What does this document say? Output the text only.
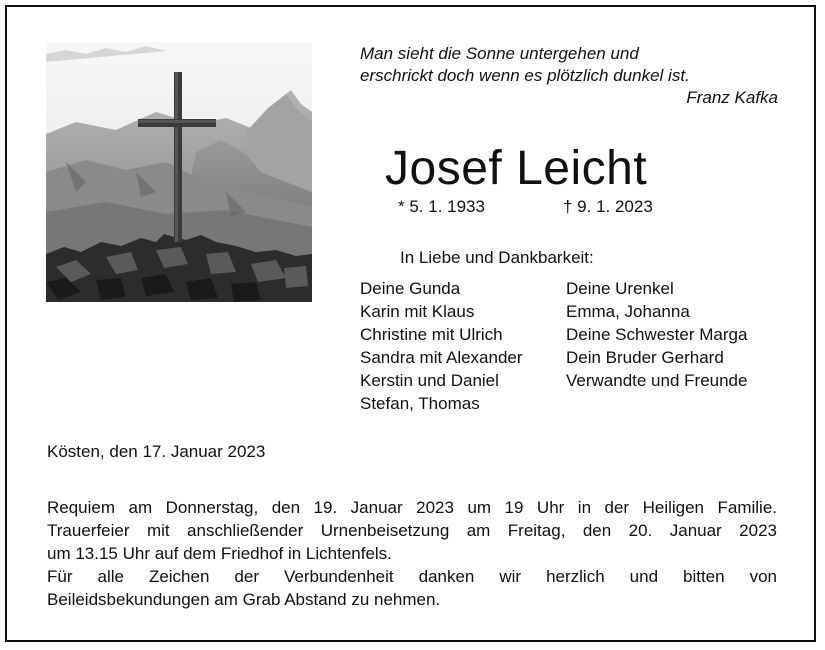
Man sieht die Sonne untergehen und
erschrickt doch wenn es plötzlich dunkel ist.
Franz Kafka
Josef Leicht
* 5. 1. 1933	† 9. 1. 2023
In Liebe und Dankbarkeit:
Deine Gunda
Karin mit Klaus
Christine mit Ulrich
Sandra mit Alexander
Kerstin und Daniel
Stefan, Thomas
Deine Urenkel
Emma, Johanna
Deine Schwester Marga
Dein Bruder Gerhard
Verwandte und Freunde
Kösten, den 17. Januar 2023
Requiem am Donnerstag, den 19. Januar 2023 um 19 Uhr in der Heiligen Familie.
Trauerfeier mit anschließender Urnenbeisetzung am Freitag, den 20. Januar 2023
um 13.15 Uhr auf dem Friedhof in Lichtenfels.
Für alle Zeichen der Verbundenheit danken wir herzlich und bitten von
Beileidsbekundungen am Grab Abstand zu nehmen.
